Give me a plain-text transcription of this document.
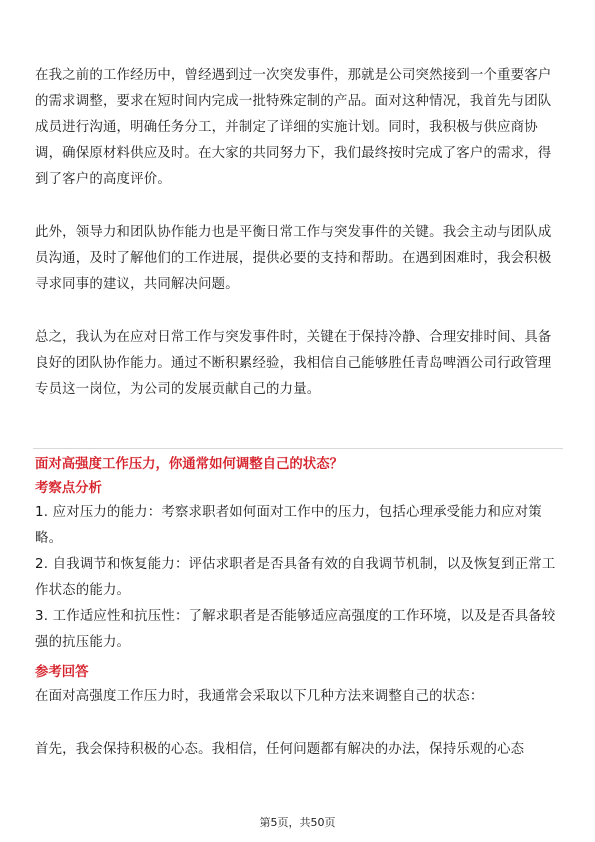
在我之前的工作经历中，曾经遇到过一次突发事件，那就是公司突然接到一个重要客户的需求调整，要求在短时间内完成一批特殊定制的产品。面对这种情况，我首先与团队成员进行沟通，明确任务分工，并制定了详细的实施计划。同时，我积极与供应商协调，确保原材料供应及时。在大家的共同努力下，我们最终按时完成了客户的需求，得到了客户的高度评价。

此外，领导力和团队协作能力也是平衡日常工作与突发事件的关键。我会主动与团队成员沟通，及时了解他们的工作进展，提供必要的支持和帮助。在遇到困难时，我会积极寻求同事的建议，共同解决问题。

总之，我认为在应对日常工作与突发事件时，关键在于保持冷静、合理安排时间、具备良好的团队协作能力。通过不断积累经验，我相信自己能够胜任青岛啤酒公司行政管理专员这一岗位，为公司的发展贡献自己的力量。

面对高强度工作压力，你通常如何调整自己的状态？

考察点分析

1. 应对压力的能力：考察求职者如何面对工作中的压力，包括心理承受能力和应对策略。

2. 自我调节和恢复能力：评估求职者是否具备有效的自我调节机制，以及恢复到正常工作状态的能力。

3. 工作适应性和抗压性：了解求职者是否能够适应高强度的工作环境，以及是否具备较强的抗压能力。

参考回答

在面对高强度工作压力时，我通常会采取以下几种方法来调整自己的状态：

首先，我会保持积极的心态。我相信，任何问题都有解决的办法，保持乐观的心态

第5页，共50页
